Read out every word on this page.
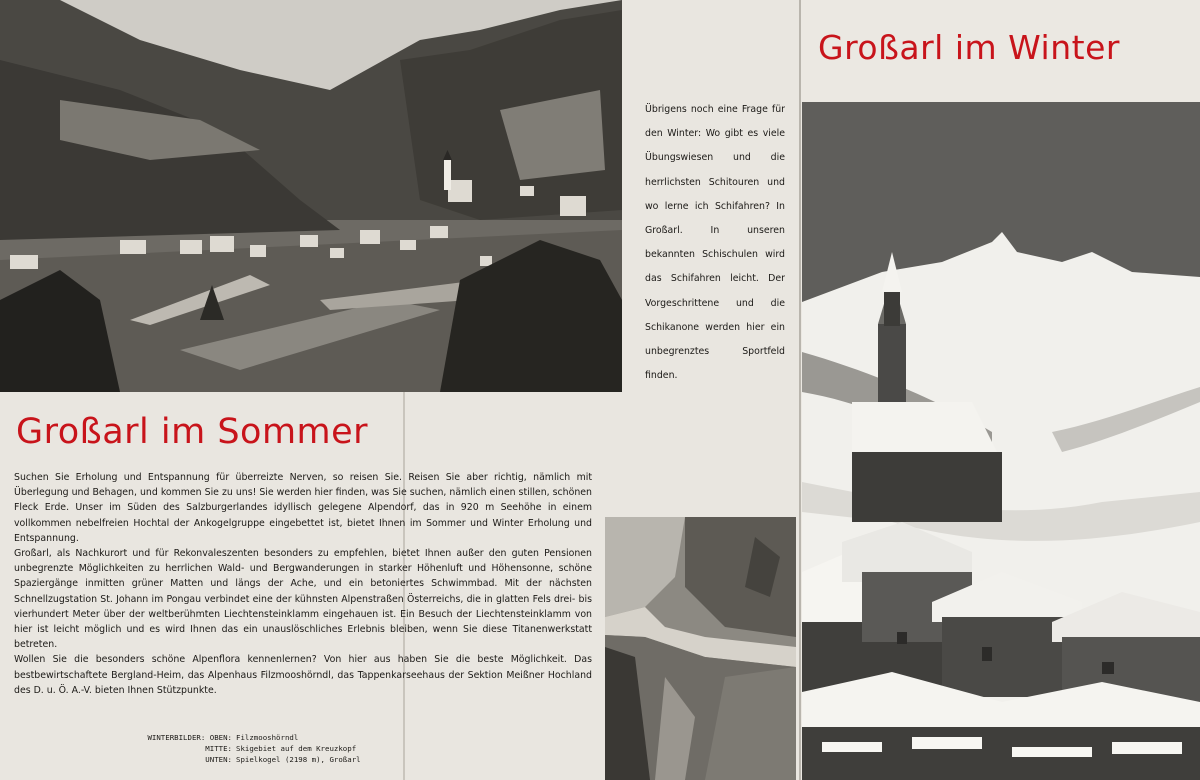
Großarl im Sommer
Großarl im Winter

Suchen Sie Erholung und Entspannung für überreizte Nerven, so reisen Sie. Reisen Sie aber richtig, nämlich mit Überlegung und Behagen, und kommen Sie zu uns! Sie werden hier finden, was Sie suchen, nämlich einen stillen, schönen Fleck Erde. Unser im Süden des Salzburgerlandes idyllisch gelegene Alpendorf, das in 920 m Seehöhe in einem vollkommen nebelfreien Hochtal der Ankogelgruppe eingebettet ist, bietet Ihnen im Sommer und Winter Erholung und Entspannung.

Großarl, als Nachkurort und für Rekonvaleszenten besonders zu empfehlen, bietet Ihnen außer den guten Pensionen unbegrenzte Möglichkeiten zu herrlichen Wald- und Bergwanderungen in starker Höhenluft und Höhensonne, schöne Spaziergänge inmitten grüner Matten und längs der Ache, und ein betoniertes Schwimmbad. Mit der nächsten Schnellzugstation St. Johann im Pongau verbindet eine der kühnsten Alpenstraßen Österreichs, die in glatten Fels drei- bis vierhundert Meter über der weltberühmten Liechtensteinklamm eingehauen ist. Ein Besuch der Liechtensteinklamm von hier ist leicht möglich und es wird Ihnen das ein unauslöschliches Erlebnis bleiben, wenn Sie diese Titanenwerkstatt betreten.

Wollen Sie die besonders schöne Alpenflora kennenlernen? Von hier aus haben Sie die beste Möglichkeit. Das bestbewirtschaftete Bergland-Heim, das Alpenhaus Filzmooshörndl, das Tappenkarseehaus der Sektion Meißner Hochland des D. u. Ö. A.-V. bieten Ihnen Stützpunkte.

Übrigens noch eine Frage für den Winter: Wo gibt es viele Übungswiesen und die herrlichsten Schitouren und wo lerne ich Schifahren? In Großarl. In unseren bekannten Schischulen wird das Schifahren leicht. Der Vorgeschrittene und die Schikanone werden hier ein unbegrenztes Sportfeld finden.
WINTERBILDER: OBEN: Filzmooshörndl
MITTE: Skigebiet auf dem Kreuzkopf
UNTEN: Spielkogel (2198 m), Großarl
